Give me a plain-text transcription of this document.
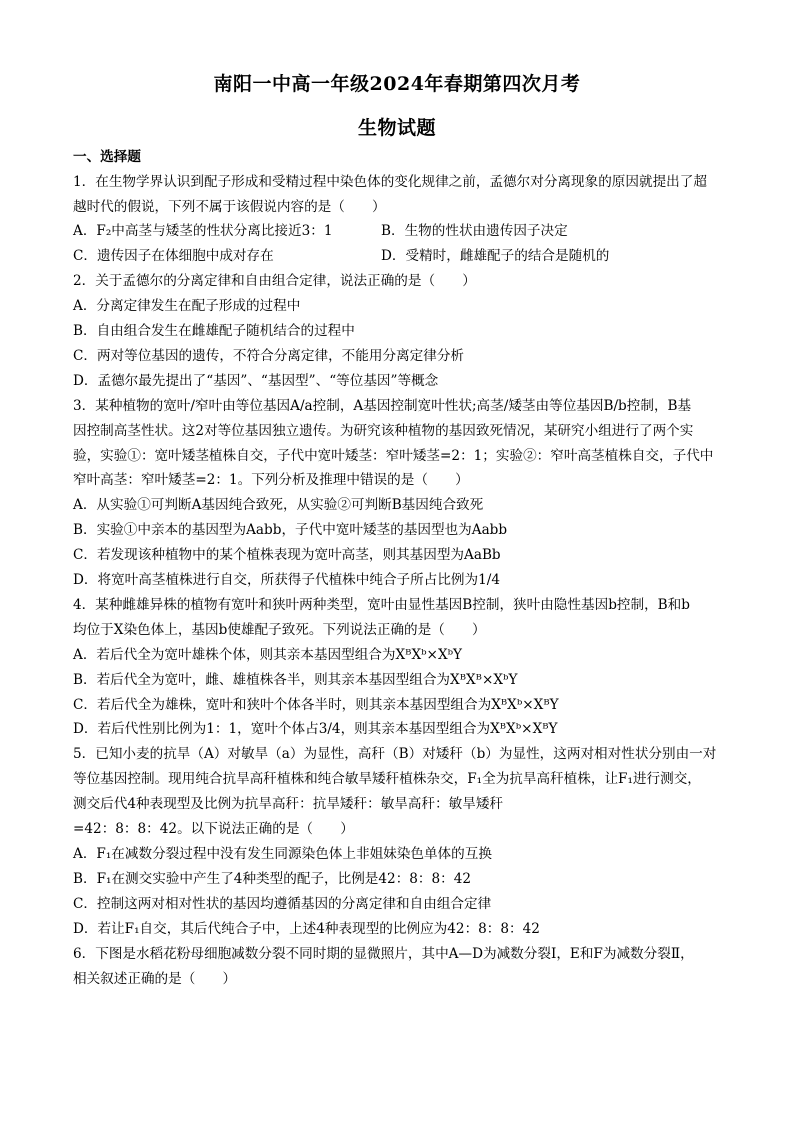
南阳一中高一年级2024年春期第四次月考
生物试题
一、选择题
1．在生物学界认识到配子形成和受精过程中染色体的变化规律之前，孟德尔对分离现象的原因就提出了超
越时代的假说，下列不属于该假说内容的是（　　）
A．F₂中高茎与矮茎的性状分离比接近3：1	B．生物的性状由遗传因子决定
C．遗传因子在体细胞中成对存在	D．受精时，雌雄配子的结合是随机的
2．关于孟德尔的分离定律和自由组合定律，说法正确的是（　　）
A．分离定律发生在配子形成的过程中
B．自由组合发生在雌雄配子随机结合的过程中
C．两对等位基因的遗传，不符合分离定律，不能用分离定律分析
D．孟德尔最先提出了“基因”、“基因型”、“等位基因”等概念
3．某种植物的宽叶/窄叶由等位基因A/a控制，A基因控制宽叶性状;高茎/矮茎由等位基因B/b控制，B基
因控制高茎性状。这2对等位基因独立遗传。为研究该种植物的基因致死情况，某研究小组进行了两个实
验，实验①：宽叶矮茎植株自交，子代中宽叶矮茎：窄叶矮茎=2：1；实验②：窄叶高茎植株自交，子代中
窄叶高茎：窄叶矮茎=2：1。下列分析及推理中错误的是（　　）
A．从实验①可判断A基因纯合致死，从实验②可判断B基因纯合致死
B．实验①中亲本的基因型为Aabb，子代中宽叶矮茎的基因型也为Aabb
C．若发现该种植物中的某个植株表现为宽叶高茎，则其基因型为AaBb
D．将宽叶高茎植株进行自交，所获得子代植株中纯合子所占比例为1/4
4．某种雌雄异株的植物有宽叶和狭叶两种类型，宽叶由显性基因B控制，狭叶由隐性基因b控制，B和b
均位于X染色体上，基因b使雄配子致死。下列说法正确的是（　　）
A．若后代全为宽叶雄株个体，则其亲本基因型组合为XᴮXᵇ×XᵇY
B．若后代全为宽叶，雌、雄植株各半，则其亲本基因型组合为XᴮXᴮ×XᵇY
C．若后代全为雄株，宽叶和狭叶个体各半时，则其亲本基因型组合为XᴮXᵇ×XᴮY
D．若后代性别比例为1：1，宽叶个体占3/4，则其亲本基因型组合为XᴮXᵇ×XᴮY
5．已知小麦的抗旱（A）对敏旱（a）为显性，高秆（B）对矮秆（b）为显性，这两对相对性状分别由一对
等位基因控制。现用纯合抗旱高秆植株和纯合敏旱矮秆植株杂交，F₁全为抗旱高秆植株，让F₁进行测交，
测交后代4种表现型及比例为抗旱高秆：抗旱矮秆：敏旱高秆：敏旱矮秆
=42：8：8：42。以下说法正确的是（　　）
A．F₁在减数分裂过程中没有发生同源染色体上非姐妹染色单体的互换
B．F₁在测交实验中产生了4种类型的配子，比例是42：8：8：42
C．控制这两对相对性状的基因均遵循基因的分离定律和自由组合定律
D．若让F₁自交，其后代纯合子中，上述4种表现型的比例应为42：8：8：42
6．下图是水稻花粉母细胞减数分裂不同时期的显微照片，其中A—D为减数分裂Ⅰ，E和F为减数分裂Ⅱ，
相关叙述正确的是（　　）
